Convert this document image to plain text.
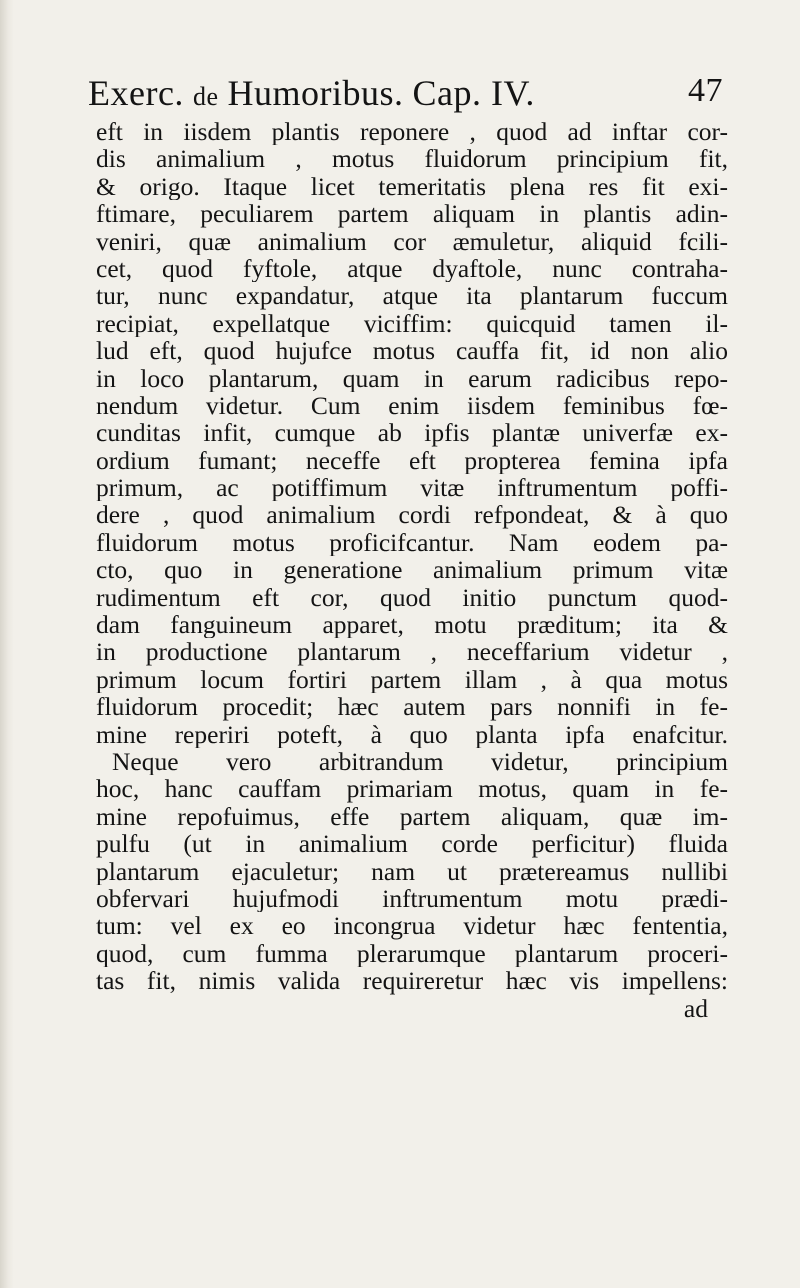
Exerc. de Humoribus. Cap. IV.	47
eft in iisdem plantis reponere , quod ad inftar cor-
dis animalium , motus fluidorum principium fit,
& origo. Itaque licet temeritatis plena res fit exi-
ftimare, peculiarem partem aliquam in plantis adin-
veniri, quæ animalium cor æmuletur, aliquid fcili-
cet, quod fyftole, atque dyaftole, nunc contraha-
tur, nunc expandatur, atque ita plantarum fuccum
recipiat, expellatque viciffim: quicquid tamen il-
lud eft, quod hujufce motus cauffa fit, id non alio
in loco plantarum, quam in earum radicibus repo-
nendum videtur. Cum enim iisdem feminibus fœ-
cunditas infit, cumque ab ipfis plantæ univerfæ ex-
ordium fumant; neceffe eft propterea femina ipfa
primum, ac potiffimum vitæ inftrumentum poffi-
dere , quod animalium cordi refpondeat, & à quo
fluidorum motus proficifcantur. Nam eodem pa-
cto, quo in generatione animalium primum vitæ
rudimentum eft cor, quod initio punctum quod-
dam fanguineum apparet, motu præditum; ita &
in productione plantarum , neceffarium videtur ,
primum locum fortiri partem illam , à qua motus
fluidorum procedit; hæc autem pars nonnifi in fe-
mine reperiri poteft, à quo planta ipfa enafcitur.
Neque vero arbitrandum videtur, principium
hoc, hanc cauffam primariam motus, quam in fe-
mine repofuimus, effe partem aliquam, quæ im-
pulfu (ut in animalium corde perficitur) fluida
plantarum ejaculetur; nam ut prætereamus nullibi
obfervari hujufmodi inftrumentum motu prædi-
tum: vel ex eo incongrua videtur hæc fententia,
quod, cum fumma plerarumque plantarum proceri-
tas fit, nimis valida requireretur hæc vis impellens:
ad
